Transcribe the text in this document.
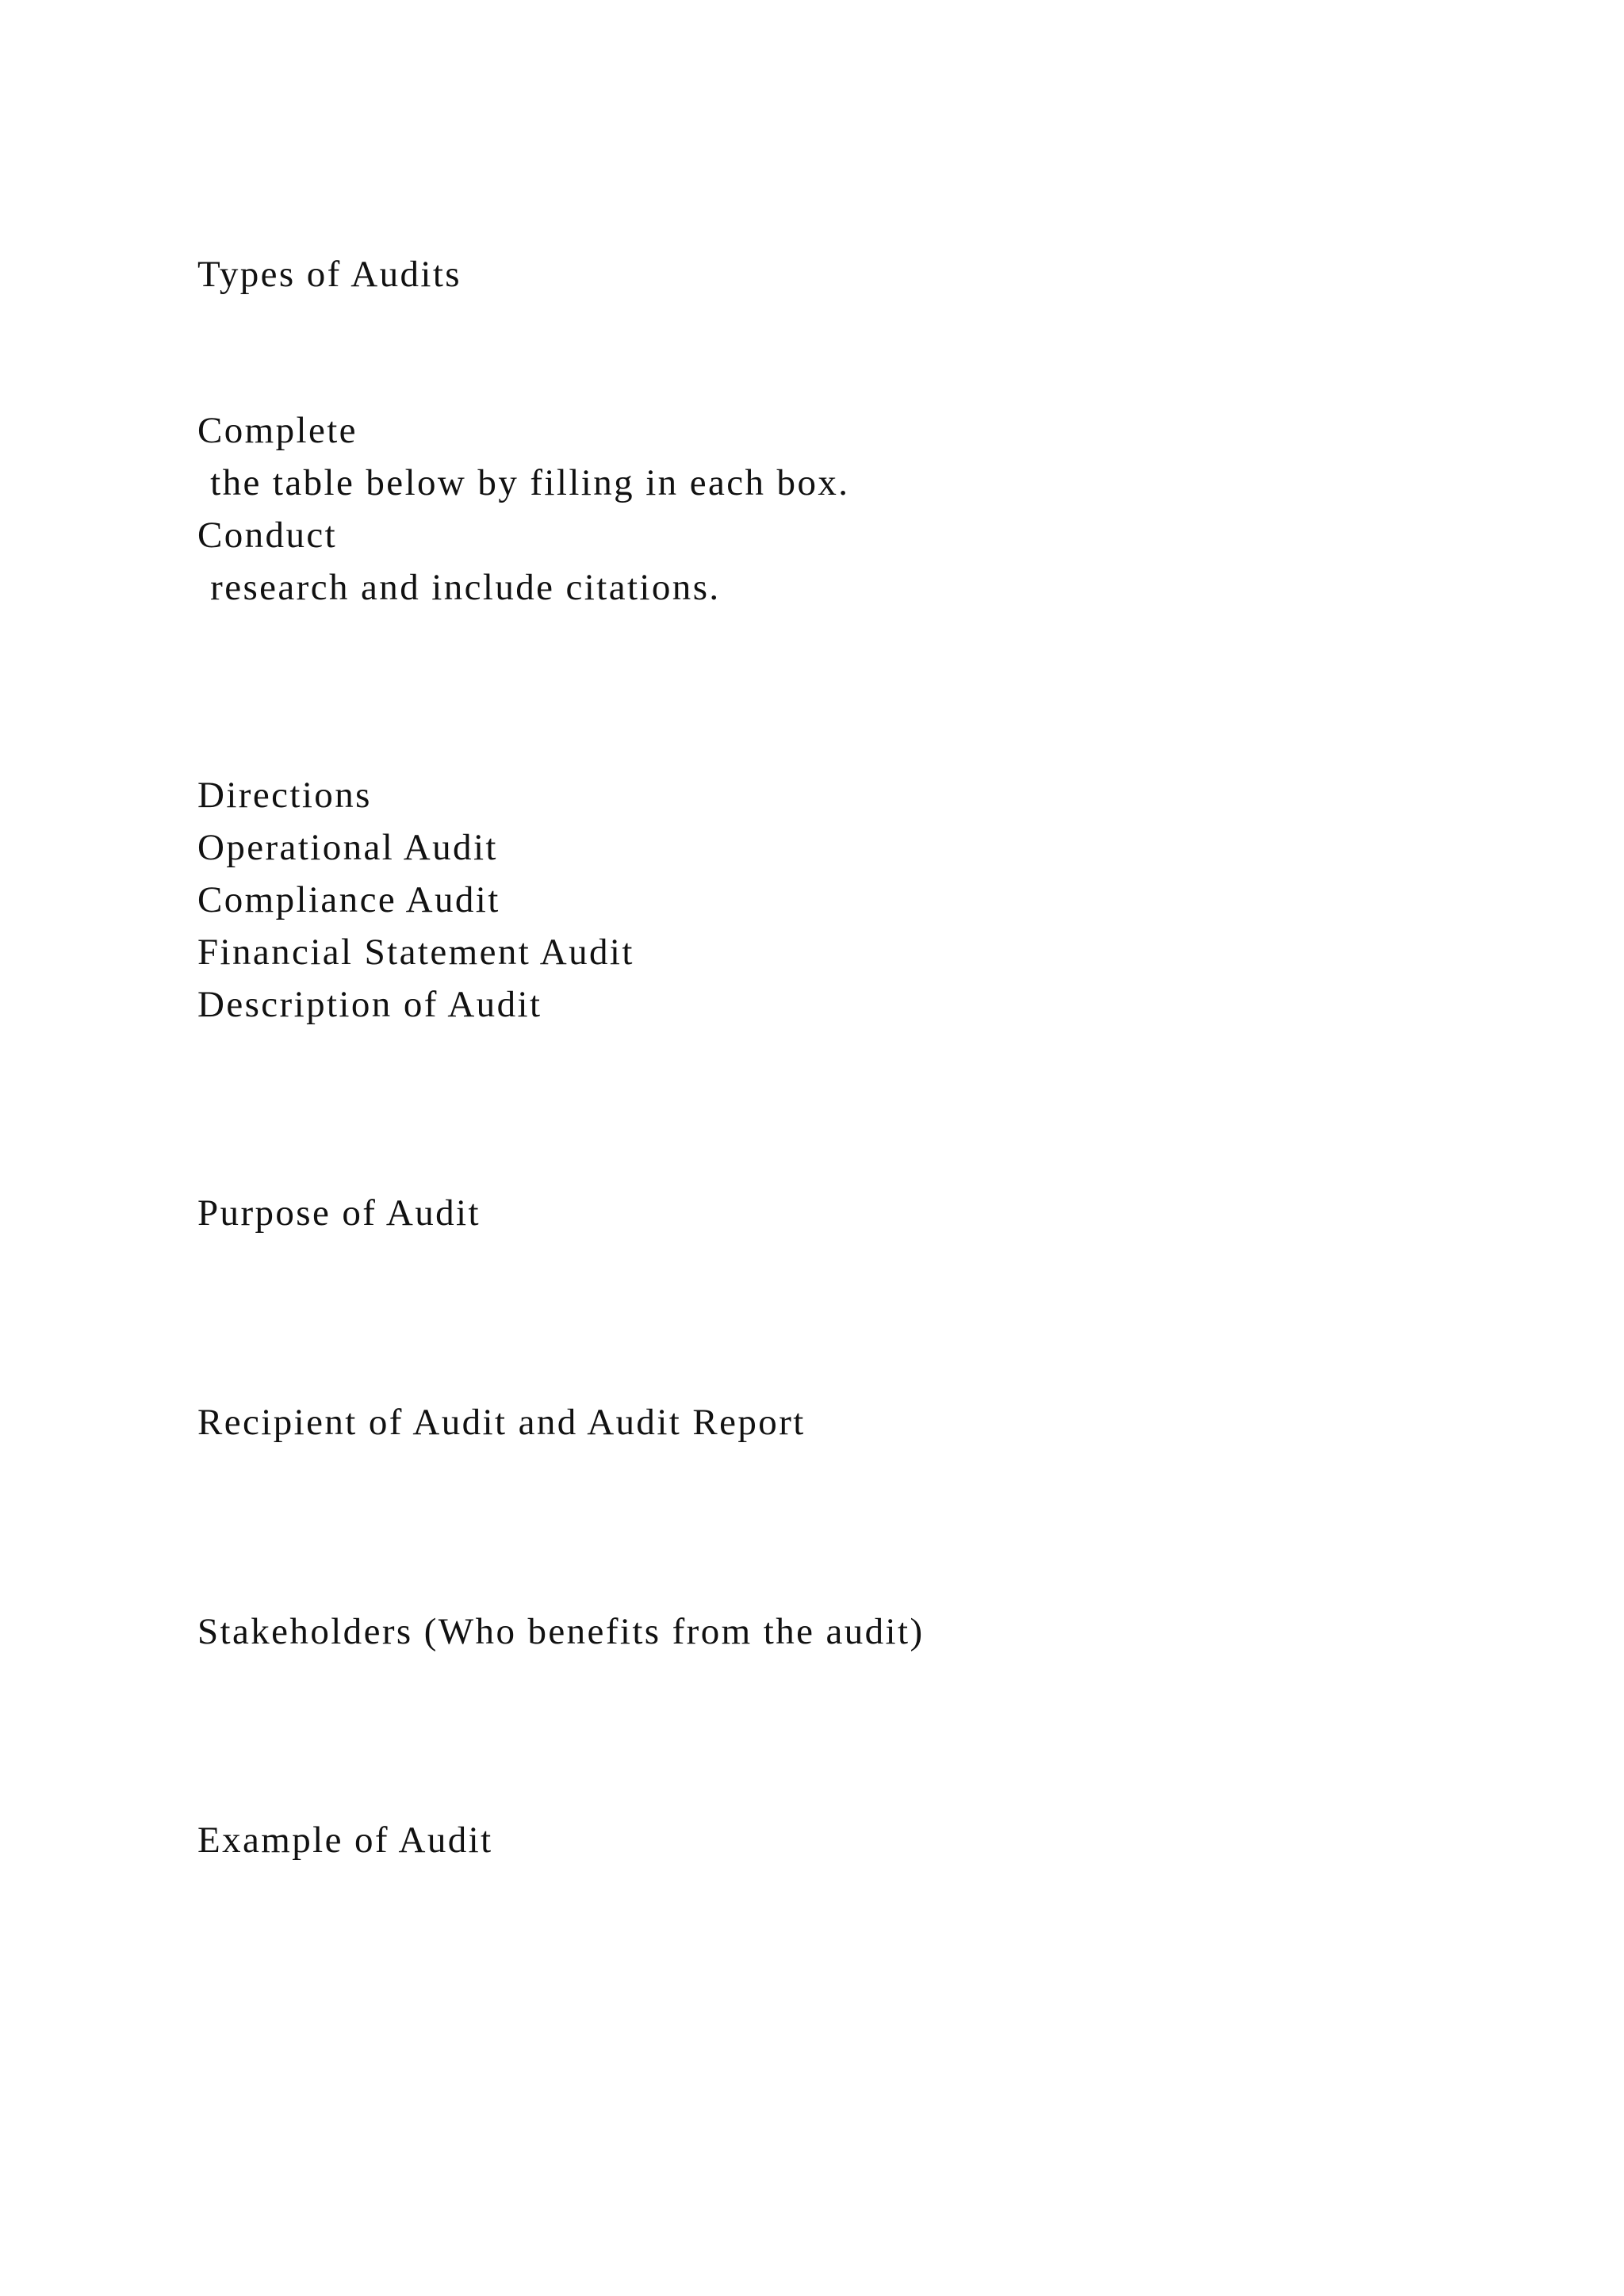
Types of Audits

Complete

the table below by filling in each box.

Conduct

research and include citations.

Directions

Operational Audit

Compliance Audit

Financial Statement Audit

Description of Audit

Purpose of Audit

Recipient of Audit and Audit Report

Stakeholders (Who benefits from the audit)

Example of Audit
